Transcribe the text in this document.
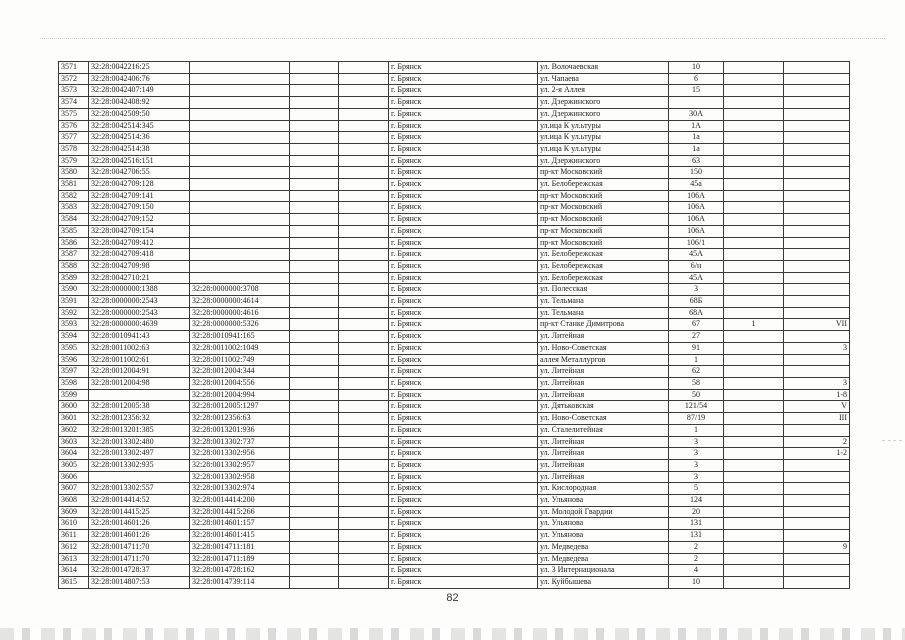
3571	32:28:0042216:25				г. Брянск	ул. Волочаевская	10		
3572	32:28:0042406:76				г. Брянск	ул. Чапаева	6		
3573	32:28:0042407:149				г. Брянск	ул. 2-я Аллея	15		
3574	32:28:0042408:92				г. Брянск	ул. Дзержинского			
3575	32:28:0042509:50				г. Брянск	ул. Дзержинского	30А		
3576	32:28:0042514:345				г. Брянск	ул.ица К ул.ьтуры	1А		
3577	32:28:0042514:36				г. Брянск	ул.ица К ул.ьтуры	1а		
3578	32:28:0042514:38				г. Брянск	ул.ица К ул.ьтуры	1а		
3579	32:28:0042516:151				г. Брянск	ул. Дзержинского	63		
3580	32:28:0042706:55				г. Брянск	пр-кт Московский	150		
3581	32:28:0042709:128				г. Брянск	ул. Белобережская	45а		
3582	32:28:0042709:141				г. Брянск	пр-кт Московский	106А		
3583	32:28:0042709:150				г. Брянск	пр-кт Московский	106А		
3584	32:28:0042709:152				г. Брянск	пр-кт Московский	106А		
3585	32:28:0042709:154				г. Брянск	пр-кт Московский	106А		
3586	32:28:0042709:412				г. Брянск	пр-кт Московский	106/1		
3587	32:28:0042709:418				г. Брянск	ул. Белобережская	45А		
3588	32:28:0042709:98				г. Брянск	ул. Белобережская	6/н		
3589	32:28:0042710:21				г. Брянск	ул. Белобережская	45А		
3590	32:28:0000000:1388	32:28:0000000:3708			г. Брянск	ул. Полесская	3		
3591	32:28:0000000:2543	32:28:0000000:4614			г. Брянск	ул. Тельмана	68Б		
3592	32:28:0000000:2543	32:28:0000000:4616			г. Брянск	ул. Тельмана	68А		
3593	32:28:0000000:4639	32:28:0000000:5326			г. Брянск	пр-кт Станке Димитрова	67	1	VII
3594	32:28:0010941:43	32:28:0010941:165			г. Брянск	ул. Литейная	27		
3595	32:28:0011002:63	32:28:0011002:1049			г. Брянск	ул. Ново-Советская	91		3
3596	32:28:0011002:61	32:28:0011002:749			г. Брянск	аллея Металлургов	1		
3597	32:28:0012004:91	32:28:0012004:344			г. Брянск	ул. Литейная	62		
3598	32:28:0012004:98	32:28:0012004:556			г. Брянск	ул. Литейная	58		3
3599		32:28:0012004:994			г. Брянск	ул. Литейная	50		1-8
3600	32:28:0012005:38	32:28:0012005:1297			г. Брянск	ул. Дятьковская	121/54		V
3601	32:28:0012356:32	32:28:0012356:63			г. Брянск	ул. Ново-Советская	87/19		III
3602	32:28:0013201:385	32:28:0013201:936			г. Брянск	ул. Сталелитейная	1		
3603	32:28:0013302:480	32:28:0013302:737			г. Брянск	ул. Литейная	3		2
3604	32:28:0013302:497	32:28:0013302:956			г. Брянск	ул. Литейная	3		1-2
3605	32:28:0013302:935	32:28:0013302:957			г. Брянск	ул. Литейная	3		
3606		32:28:0013302:958			г. Брянск	ул. Литейная	3		
3607	32:28:0013302:557	32:28:0013302:974			г. Брянск	ул. Кислородная	5		
3608	32:28:0014414:52	32:28:0014414:200			г. Брянск	ул. Ульянова	124		
3609	32:28:0014415:25	32:28:0014415:266			г. Брянск	ул. Молодой Гвардии	20		
3610	32:28:0014601:26	32:28:0014601:157			г. Брянск	ул. Ульянова	131		
3611	32:28:0014601:26	32:28:0014601:415			г. Брянск	ул. Ульянова	131		
3612	32:28:0014711:70	32:28:0014711:181			г. Брянск	ул. Медведева	2		9
3613	32:28:0014711:70	32:28:0014711:189			г. Брянск	ул. Медведева	2		
3614	32:28:0014728:37	32:28:0014728:162			г. Брянск	ул. 3 Интернационала	4		
3615	32:28:0014807:53	32:28:0014739:114			г. Брянск	ул. Куйбышева	10		
82
